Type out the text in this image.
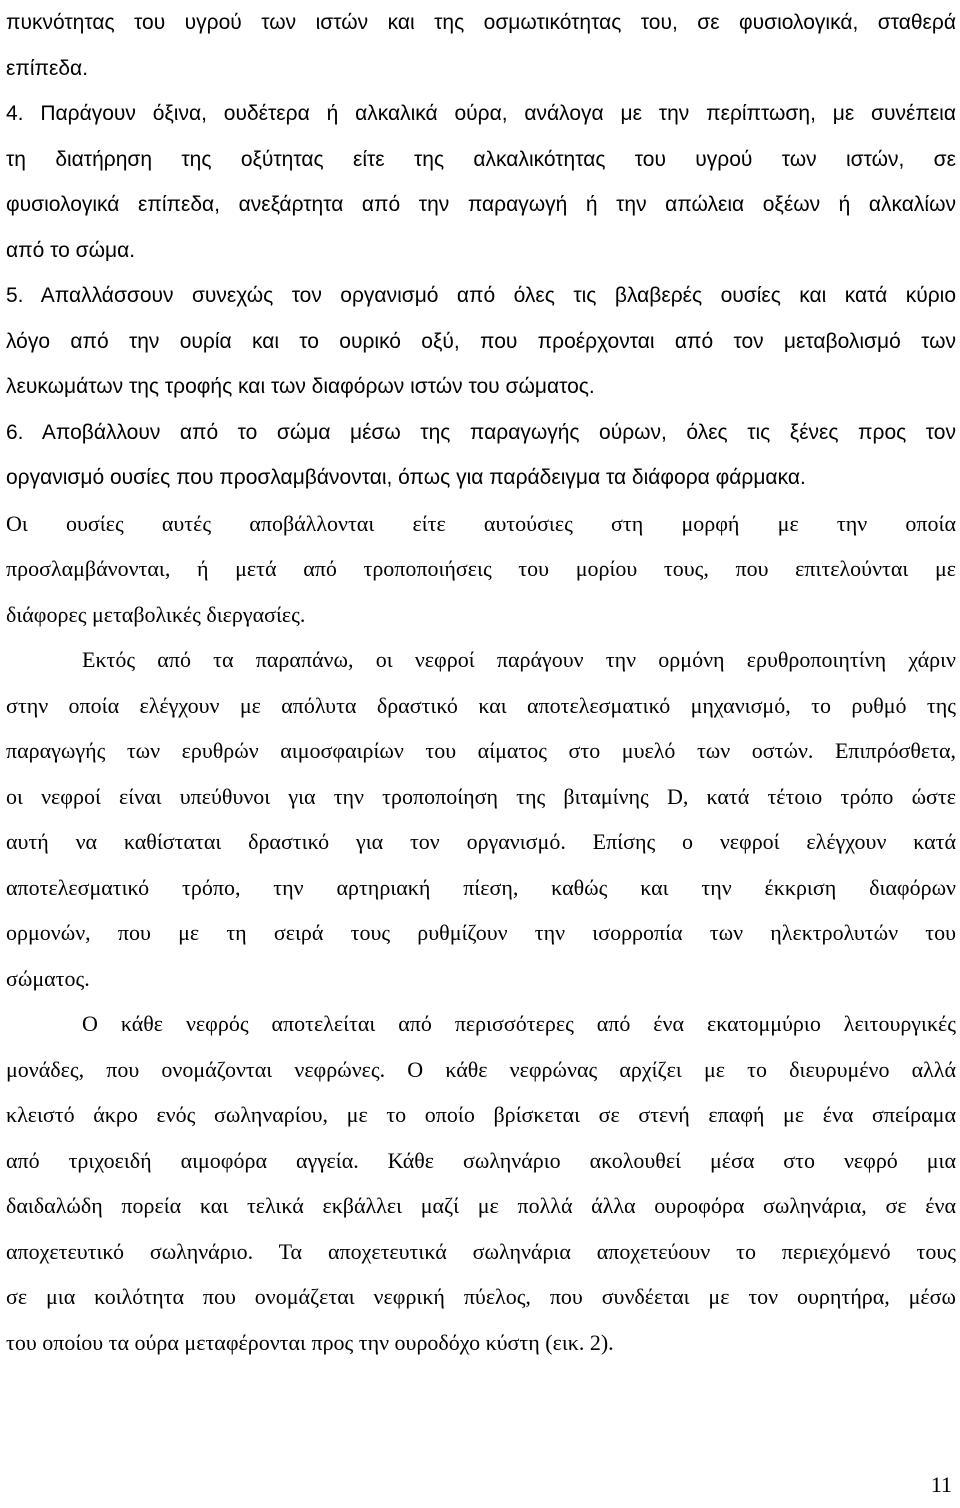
πυκνότητας του υγρού των ιστών και της οσμωτικότητας του, σε φυσιολογικά, σταθερά
επίπεδα.
4. Παράγουν όξινα, ουδέτερα ή αλκαλικά ούρα, ανάλογα με την περίπτωση, με συνέπεια
τη διατήρηση της οξύτητας είτε της αλκαλικότητας του υγρού των ιστών, σε
φυσιολογικά επίπεδα, ανεξάρτητα από την παραγωγή ή την απώλεια οξέων ή αλκαλίων
από το σώμα.
5. Απαλλάσσουν συνεχώς τον οργανισμό από όλες τις βλαβερές ουσίες και κατά κύριο
λόγο από την ουρία και το ουρικό οξύ, που προέρχονται από τον μεταβολισμό των
λευκωμάτων της τροφής και των διαφόρων ιστών του σώματος.
6. Αποβάλλουν από το σώμα μέσω της παραγωγής ούρων, όλες τις ξένες προς τον
οργανισμό ουσίες που προσλαμβάνονται, όπως για παράδειγμα τα διάφορα φάρμακα.
Οι ουσίες αυτές αποβάλλονται είτε αυτούσιες στη μορφή με την οποία
προσλαμβάνονται, ή μετά από τροποποιήσεις του μορίου τους, που επιτελούνται με
διάφορες μεταβολικές διεργασίες.
Εκτός από τα παραπάνω, οι νεφροί παράγουν την ορμόνη ερυθροποιητίνη χάριν
στην οποία ελέγχουν με απόλυτα δραστικό και αποτελεσματικό μηχανισμό, το ρυθμό της
παραγωγής των ερυθρών αιμοσφαιρίων του αίματος στο μυελό των οστών. Επιπρόσθετα,
οι νεφροί είναι υπεύθυνοι για την τροποποίηση της βιταμίνης D, κατά τέτοιο τρόπο ώστε
αυτή να καθίσταται δραστικό για τον οργανισμό. Επίσης ο νεφροί ελέγχουν κατά
αποτελεσματικό τρόπο, την αρτηριακή πίεση, καθώς και την έκκριση διαφόρων
ορμονών, που με τη σειρά τους ρυθμίζουν την ισορροπία των ηλεκτρολυτών του
σώματος.
Ο κάθε νεφρός αποτελείται από περισσότερες από ένα εκατομμύριο λειτουργικές
μονάδες, που ονομάζονται νεφρώνες. Ο κάθε νεφρώνας αρχίζει με το διευρυμένο αλλά
κλειστό άκρο ενός σωληναρίου, με το οποίο βρίσκεται σε στενή επαφή με ένα σπείραμα
από τριχοειδή αιμοφόρα αγγεία. Κάθε σωληνάριο ακολουθεί μέσα στο νεφρό μια
δαιδαλώδη πορεία και τελικά εκβάλλει μαζί με πολλά άλλα ουροφόρα σωληνάρια, σε ένα
αποχετευτικό σωληνάριο. Τα αποχετευτικά σωληνάρια αποχετεύουν το περιεχόμενό τους
σε μια κοιλότητα που ονομάζεται νεφρική πύελος, που συνδέεται με τον ουρητήρα, μέσω
του οποίου τα ούρα μεταφέρονται προς την ουροδόχο κύστη (εικ. 2).
11
